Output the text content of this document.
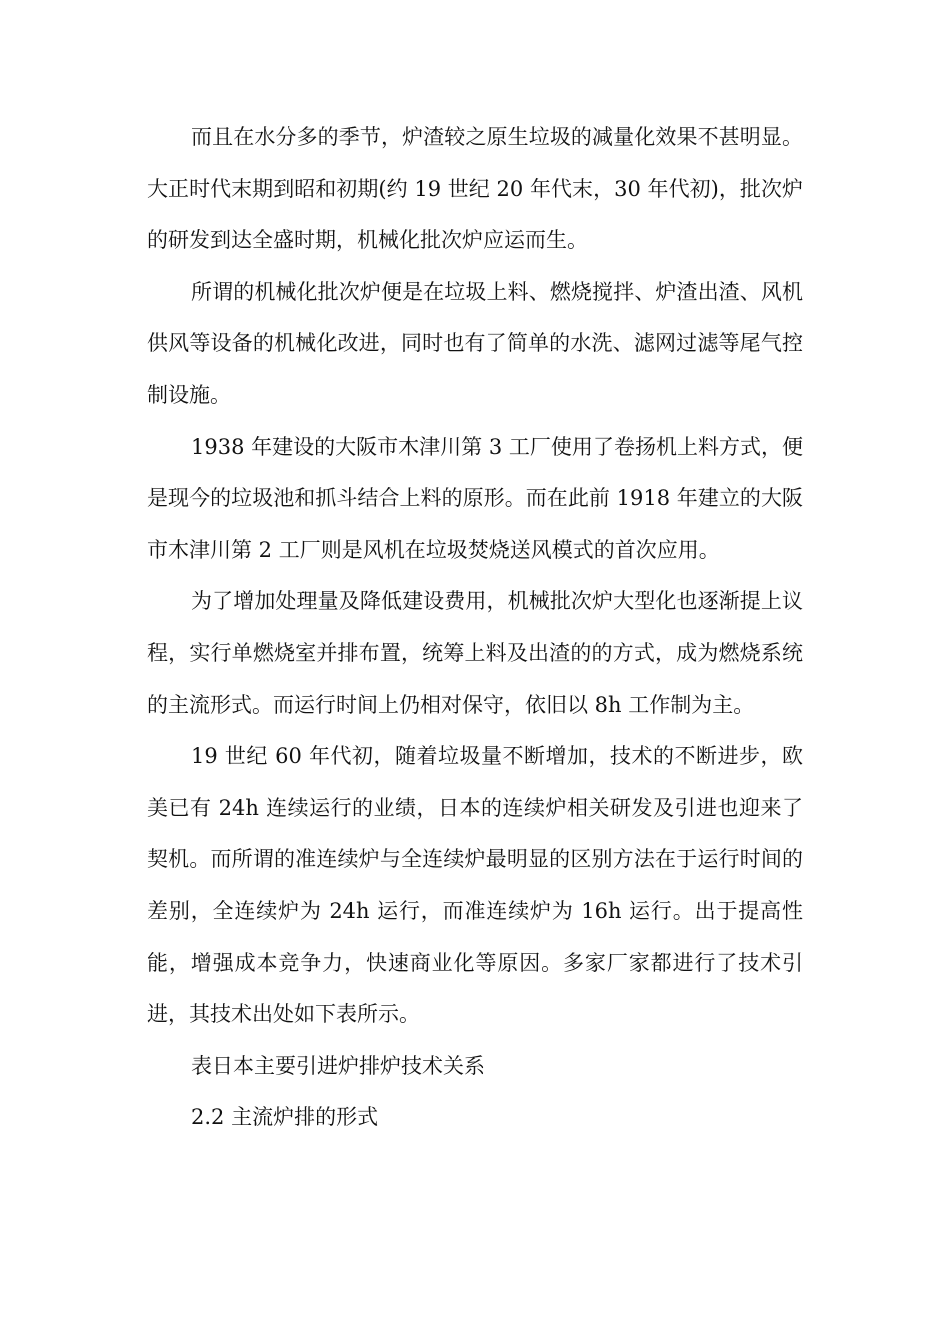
而且在水分多的季节，炉渣较之原生垃圾的减量化效果不甚明显。大正时代末期到昭和初期(约 19 世纪 20 年代末，30 年代初)，批次炉的研发到达全盛时期，机械化批次炉应运而生。

所谓的机械化批次炉便是在垃圾上料、燃烧搅拌、炉渣出渣、风机供风等设备的机械化改进，同时也有了简单的水洗、滤网过滤等尾气控制设施。

1938 年建设的大阪市木津川第 3 工厂使用了卷扬机上料方式，便是现今的垃圾池和抓斗结合上料的原形。而在此前 1918 年建立的大阪市木津川第 2 工厂则是风机在垃圾焚烧送风模式的首次应用。

为了增加处理量及降低建设费用，机械批次炉大型化也逐渐提上议程，实行单燃烧室并排布置，统筹上料及出渣的的方式，成为燃烧系统的主流形式。而运行时间上仍相对保守，依旧以 8h 工作制为主。

19 世纪 60 年代初，随着垃圾量不断增加，技术的不断进步，欧美已有 24h 连续运行的业绩，日本的连续炉相关研发及引进也迎来了契机。而所谓的准连续炉与全连续炉最明显的区别方法在于运行时间的差别，全连续炉为 24h 运行，而准连续炉为 16h 运行。出于提高性能，增强成本竞争力，快速商业化等原因。多家厂家都进行了技术引进，其技术出处如下表所示。

表日本主要引进炉排炉技术关系

2.2 主流炉排的形式
